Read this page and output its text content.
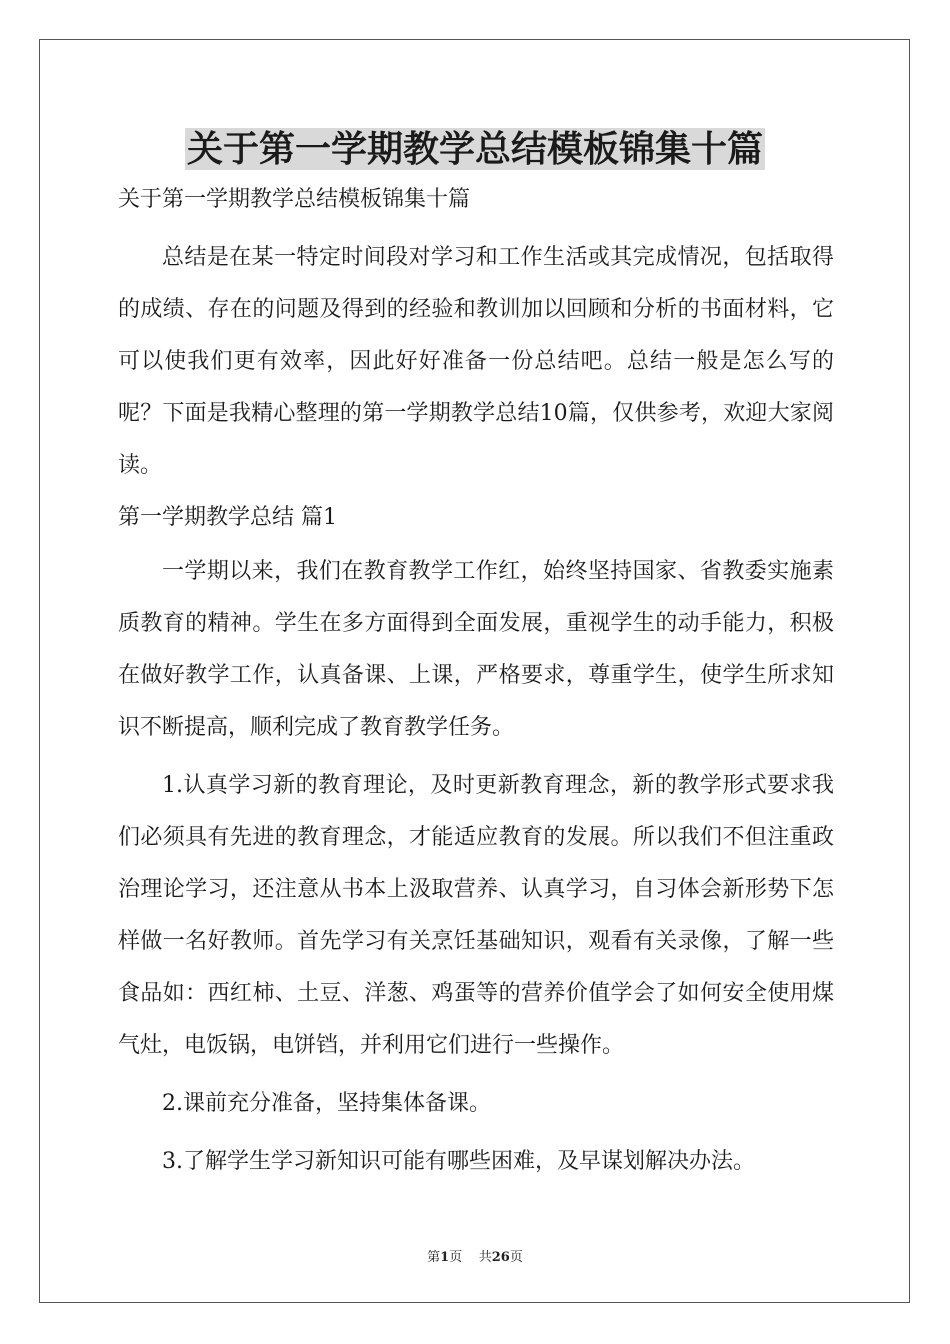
关于第一学期教学总结模板锦集十篇

关于第一学期教学总结模板锦集十篇

总结是在某一特定时间段对学习和工作生活或其完成情况，包括取得的成绩、存在的问题及得到的经验和教训加以回顾和分析的书面材料，它可以使我们更有效率，因此好好准备一份总结吧。总结一般是怎么写的呢？下面是我精心整理的第一学期教学总结10篇，仅供参考，欢迎大家阅读。

第一学期教学总结 篇1

一学期以来，我们在教育教学工作红，始终坚持国家、省教委实施素质教育的精神。学生在多方面得到全面发展，重视学生的动手能力，积极在做好教学工作，认真备课、上课，严格要求，尊重学生，使学生所求知识不断提高，顺利完成了教育教学任务。

1.认真学习新的教育理论，及时更新教育理念，新的教学形式要求我们必须具有先进的教育理念，才能适应教育的发展。所以我们不但注重政治理论学习，还注意从书本上汲取营养、认真学习，自习体会新形势下怎样做一名好教师。首先学习有关烹饪基础知识，观看有关录像，了解一些食品如：西红柿、土豆、洋葱、鸡蛋等的营养价值学会了如何安全使用煤气灶，电饭锅，电饼铛，并利用它们进行一些操作。

2.课前充分准备，坚持集体备课。

3.了解学生学习新知识可能有哪些困难，及早谋划解决办法。

第1页    共26页
